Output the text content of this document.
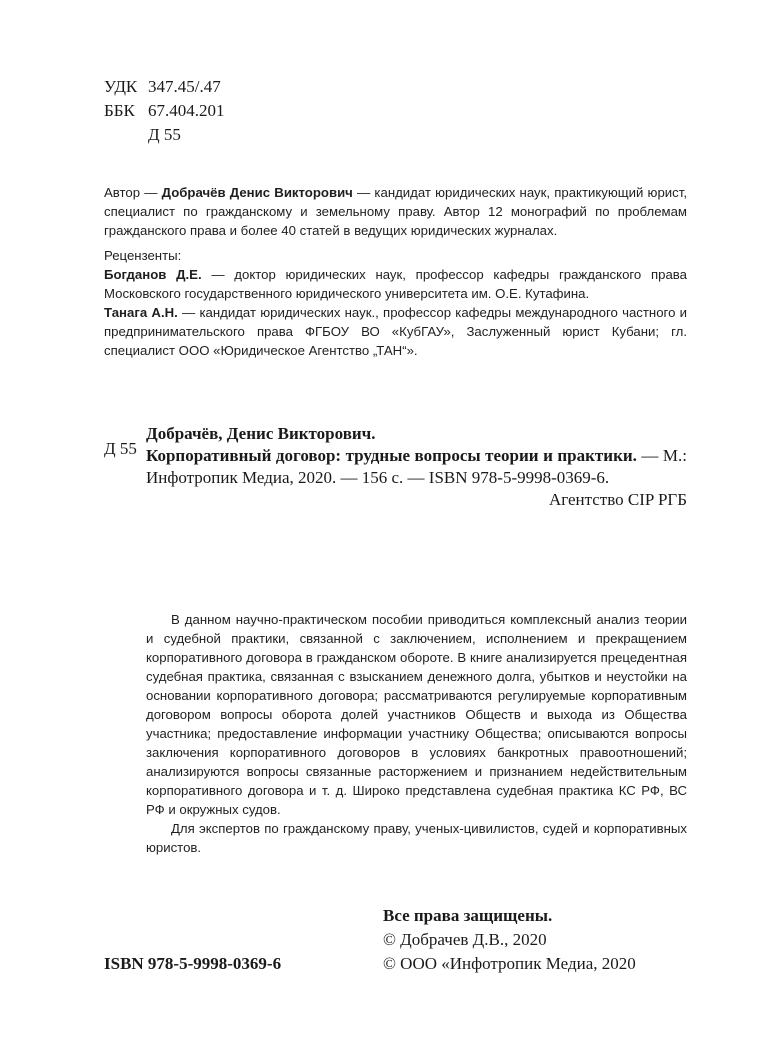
УДК 347.45/.47
ББК 67.404.201
Д 55
Автор — Добрачёв Денис Викторович — кандидат юридических наук, практикующий юрист, специалист по гражданскому и земельному праву. Автор 12 монографий по проблемам гражданского права и более 40 статей в ведущих юридических журналах.

Рецензенты:

Богданов Д.Е. — доктор юридических наук, профессор кафедры гражданского права Московского государственного юридического университета им. О.Е. Кутафина.

Танага А.Н. — кандидат юридических наук., профессор кафедры международного частного и предпринимательского права ФГБОУ ВО «КубГАУ», Заслуженный юрист Кубани; гл. специалист ООО «Юридическое Агентство „ТАН“».

Д 55

Добрачёв, Денис Викторович.

Корпоративный договор: трудные вопросы теории и практики. — М.: Инфотропик Медиа, 2020. — 156 с. — ISBN 978-5-9998-0369-6.

Агентство CIP РГБ

В данном научно-практическом пособии приводиться комплексный анализ теории и судебной практики, связанной с заключением, исполнением и прекращением корпоративного договора в гражданском обороте. В книге анализируется прецедентная судебная практика, связанная с взысканием денежного долга, убытков и неустойки на основании корпоративного договора; рассматриваются регулируемые корпоративным договором вопросы оборота долей участников Обществ и выхода из Общества участника; предоставление информации участнику Общества; описываются вопросы заключения корпоративного договоров в условиях банкротных правоотношений; анализируются вопросы связанные расторжением и признанием недействительным корпоративного договора и т. д. Широко представлена судебная практика КС РФ, ВС РФ и окружных судов.

Для экспертов по гражданскому праву, ученых-цивилистов, судей и корпоративных юристов.

Все права защищены.
© Добрачев Д.В., 2020
© ООО «Инфотропик Медиа, 2020
ISBN 978-5-9998-0369-6
